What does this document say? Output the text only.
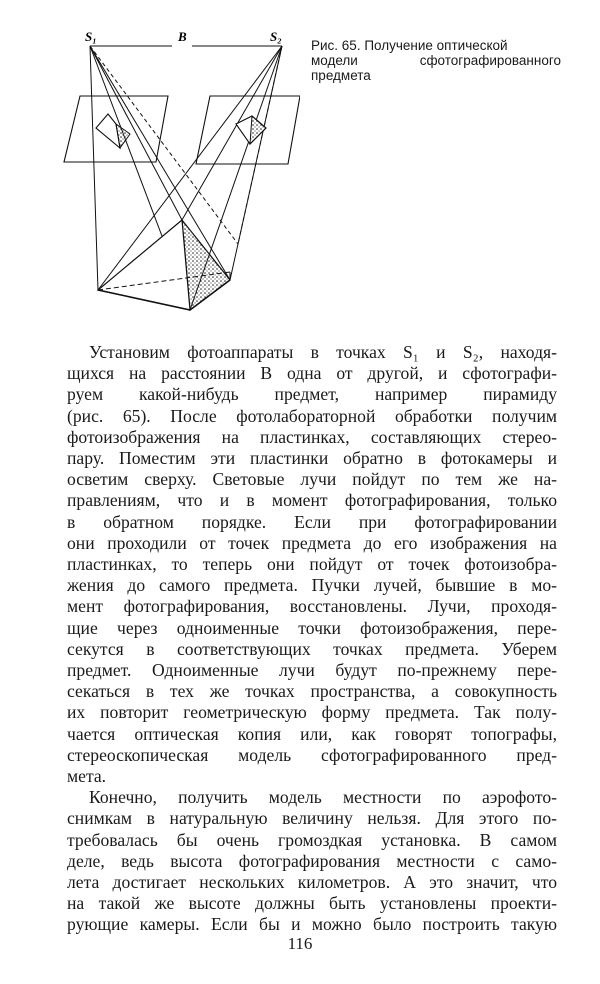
S₁	B	S₂
Рис. 65. Получение оптической
модели сфотографированного
предмета
Установим фотоаппараты в точках S₁ и S₂, находя-
щихся на расстоянии B одна от другой, и сфотографи-
руем какой-нибудь предмет, например пирамиду
(рис. 65). После фотолабораторной обработки получим
фотоизображения на пластинках, составляющих стерео-
пару. Поместим эти пластинки обратно в фотокамеры и
осветим сверху. Световые лучи пойдут по тем же на-
правлениям, что и в момент фотографирования, только
в обратном порядке. Если при фотографировании
они проходили от точек предмета до его изображения на
пластинках, то теперь они пойдут от точек фотоизобра-
жения до самого предмета. Пучки лучей, бывшие в мо-
мент фотографирования, восстановлены. Лучи, проходя-
щие через одноименные точки фотоизображения, пере-
секутся в соответствующих точках предмета. Уберем
предмет. Одноименные лучи будут по-прежнему пере-
секаться в тех же точках пространства, а совокупность
их повторит геометрическую форму предмета. Так полу-
чается оптическая копия или, как говорят топографы,
стереоскопическая модель сфотографированного пред-
мета.
Конечно, получить модель местности по аэрофото-
снимкам в натуральную величину нельзя. Для этого по-
требовалась бы очень громоздкая установка. В самом
деле, ведь высота фотографирования местности с само-
лета достигает нескольких километров. А это значит, что
на такой же высоте должны быть установлены проекти-
рующие камеры. Если бы и можно было построить такую
116
